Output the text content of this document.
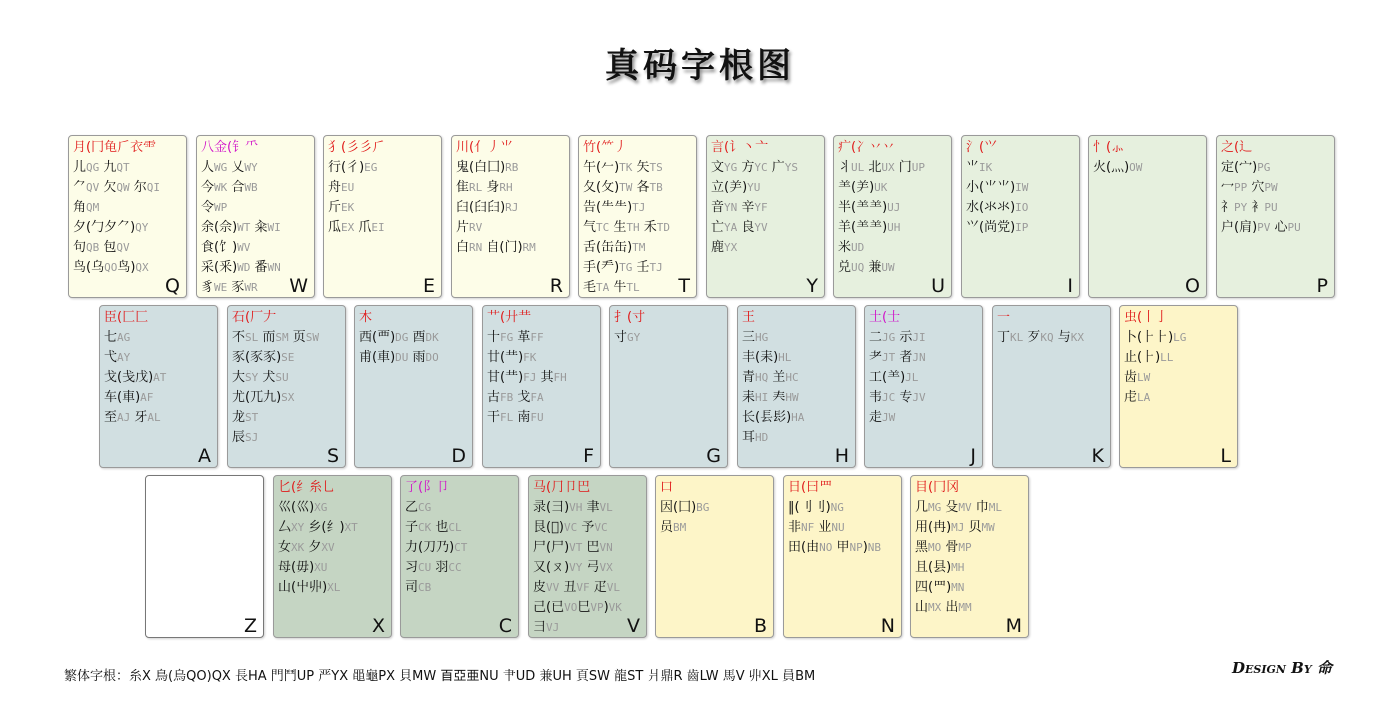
真码字根图
月(冂龟𠂆⾐⻗
儿QG 九QT
⺈QV 欠QW 尔QI
角QM
夕(勹夕⺈)QY
句QB 包QV
鸟(乌QO鸟)QX
Q
八金(钅⺥
人WG 乂WY
今WK 合WB
令WP
余(佘)WT 籴WI
食(饣)WV
采(釆)WD 番WN
豸WE 豕WR	W
犭(彡彡⺁
行(彳)EG
舟EU
斤EK
瓜EX 爪EI
E
川(亻丿⺌
鬼(白囗)RB
隹RL 身RH
臼(𦥑𦥑)RJ
片RV
白RN 自(门)RM
R
竹(⺮丿
午(𠂉)TK 矢TS
夂(攵)TW 各TB
告(⺧⺧)TJ
气TC 生TH 禾TD
舌(缶缶)TM
手(龵)TG 壬TJ
毛TA 牛TL	T
言(讠丶亠
文YG 方YC 广YS
立(⺶)YU
音YN 辛YF
亡YA 良YV
鹿YX
Y
疒(冫丷丷
丬UL 北UX 门UP
⺷(⺶)UK
半(⺷⺷)UJ
羊(⺷⺷)UH
米UD
兑UQ 兼UW
U
氵(⺍
⺌IK
小(⺌⺌)IW
水(氺氺)IO
⺍(尚党)IP
I
忄(⺗
火(灬)OW
O
之(辶
定(宀)PG
冖PP 穴PW
礻PY 衤PU
户(肩)PV 心PU
P
臣(匚匚
七AG
弋AY
戈(戋戊)AT
车(車)AF
至AJ 牙AL
A
石(厂𠂇
不SL 而SM 页SW
豕(豕豕)SE
大SY 犬SU
尤(兀九)SX
龙ST
辰SJ
S
木
西(覀)DG 酉DK
甫(車)DU 雨DO
D
艹(廾龷
十FG 革FF
廿(龷)FK
甘(龷)FJ 其FH
古FB 戈FA
干FL 南FU
F
扌(寸
寸GY
G
王
三HG
丰(耒)HL
青HQ 𦍌HC
耒HI 𡗗HW
长(镸髟)HA
耳HD
H
土(士
二JG 示JI
耂JT 者JN
工(⺷)JL
韦JC 专JV
走JW
J
一
丁KL 歹KQ 与KX
K
虫(丨亅
卜(⺊⺊)LG
止(⺊)LL
齿LW
虍LA
L
Z
匕(纟糸乚
巛(巛)XG
厶XY 乡(纟)XT
女XK 夕XV
母(毋)XU
山(屮丱)XL
X
了(阝卩
乙CG
子CK 也CL
力(刀乃)CT
习CU 羽CC
司CB
C
马(⺆卩巴
录(彐)VH 聿VL
艮(𫝀)VC 予VC
尸(尸)VT 巴VN
又(ㄡ)VY 弓VX
皮VV 丑VF 疋VL
己(已VO巳VP)VK
⺕VJ	V
口
因(囗)BG
员BM
B
日(曰⺫
‖(刂刂)NG
非NF 业NU
田(由NO 甲NP)NB
N
目(冂冈
几MG 殳MV 巾ML
用(冉)MJ 贝MW
黑MO 骨MP
且(县)MH
四(罒)MN
山MX 出MM
M
繁体字根：糸X 鳥(烏QO)QX 長HA 門鬥UP 严YX 黽龜PX 貝MW 𦣻亞亜NU 肀UD 兼UH 頁SW 龍ST 爿鼎R 齒LW 馬V 丱XL 員BM	Design By 命
